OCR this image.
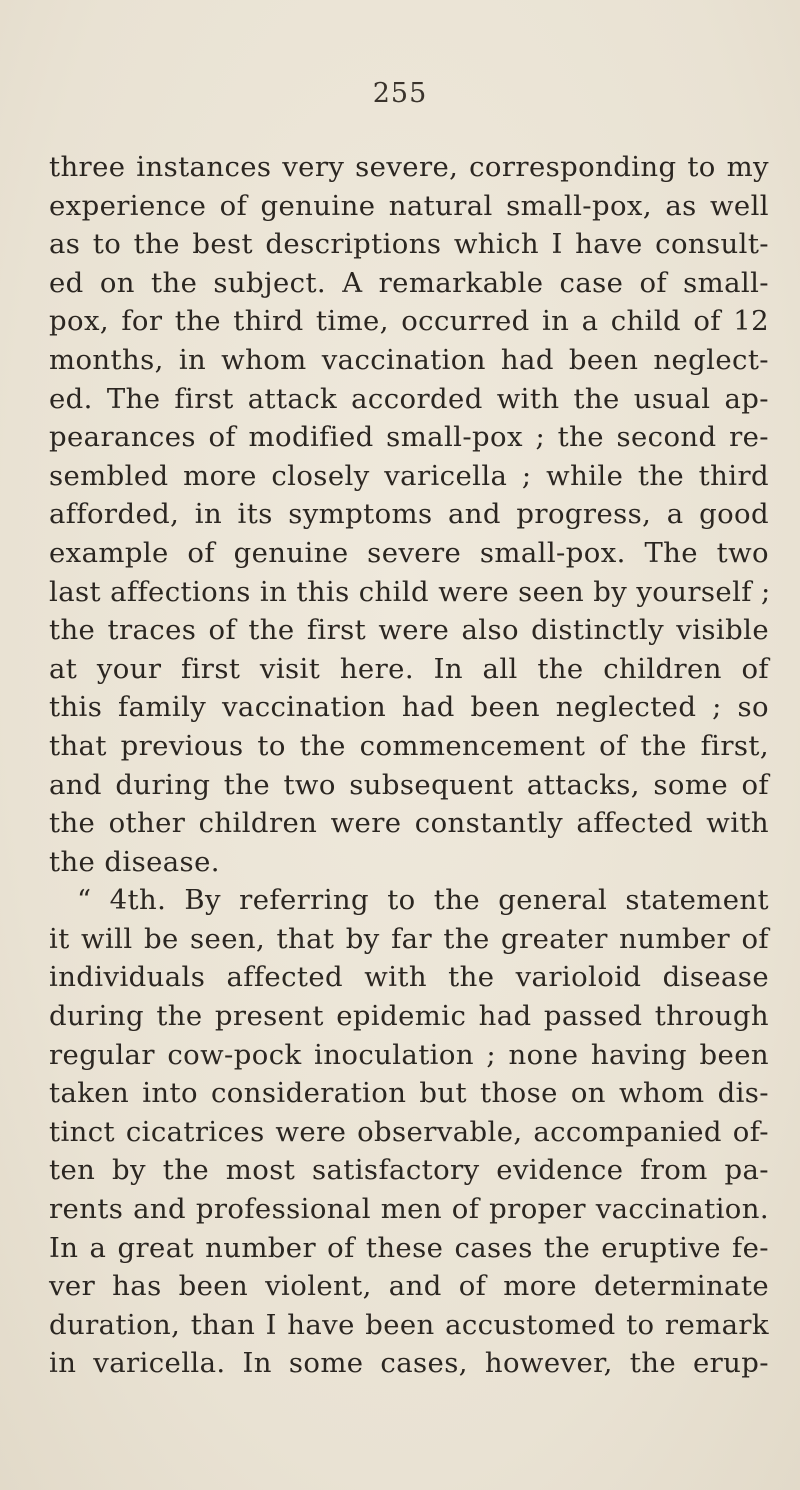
255
three instances very severe, corresponding to my
experience of genuine natural small-pox, as well
as to the best descriptions which I have consult-
ed on the subject. A remarkable case of small-
pox, for the third time, occurred in a child of 12
months, in whom vaccination had been neglect-
ed. The first attack accorded with the usual ap-
pearances of modified small-pox ; the second re-
sembled more closely varicella ; while the third
afforded, in its symptoms and progress, a good
example of genuine severe small-pox. The two
last affections in this child were seen by yourself ;
the traces of the first were also distinctly visible
at your first visit here. In all the children of
this family vaccination had been neglected ; so
that previous to the commencement of the first,
and during the two subsequent attacks, some of
the other children were constantly affected with
the disease.
“ 4th. By referring to the general statement
it will be seen, that by far the greater number of
individuals affected with the varioloid disease
during the present epidemic had passed through
regular cow-pock inoculation ; none having been
taken into consideration but those on whom dis-
tinct cicatrices were observable, accompanied of-
ten by the most satisfactory evidence from pa-
rents and professional men of proper vaccination.
In a great number of these cases the eruptive fe-
ver has been violent, and of more determinate
duration, than I have been accustomed to remark
in varicella. In some cases, however, the erup-
